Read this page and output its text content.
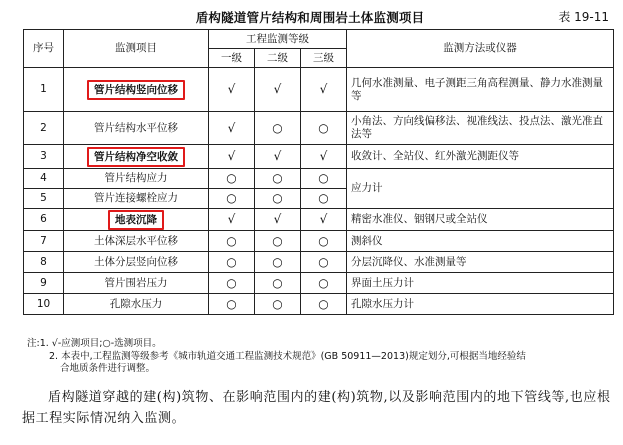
盾构隧道管片结构和周围岩土体监测项目	表 19-11
序号	监测项目	工程监测等级			监测方法或仪器
		一级	二级	三级	
1	管片结构竖向位移	√	√	√	几何水准测量、电子测距三角高程测量、静力水准测量等
2	管片结构水平位移	√	○	○	小角法、方向线偏移法、视准线法、投点法、激光准直法等
3	管片结构净空收敛	√	√	√	收敛计、全站仪、红外激光测距仪等
4	管片结构应力	○	○	○	应力计
5	管片连接螺栓应力	○	○	○	
6	地表沉降	√	√	√	精密水准仪、铟钢尺或全站仪
7	土体深层水平位移	○	○	○	测斜仪
8	土体分层竖向位移	○	○	○	分层沉降仪、水准测量等
9	管片围岩压力	○	○	○	界面土压力计
10	孔隙水压力	○	○	○	孔隙水压力计
注:1. √-应测项目;○-选测项目。
2. 本表中,工程监测等级参考《城市轨道交通工程监测技术规范》(GB 50911—2013)规定划分,可根据当地经验结
合地质条件进行调整。
盾构隧道穿越的建(构)筑物、在影响范围内的建(构)筑物,以及影响范围内的地下管线等,也应根据工程实际情况纳入监测。
